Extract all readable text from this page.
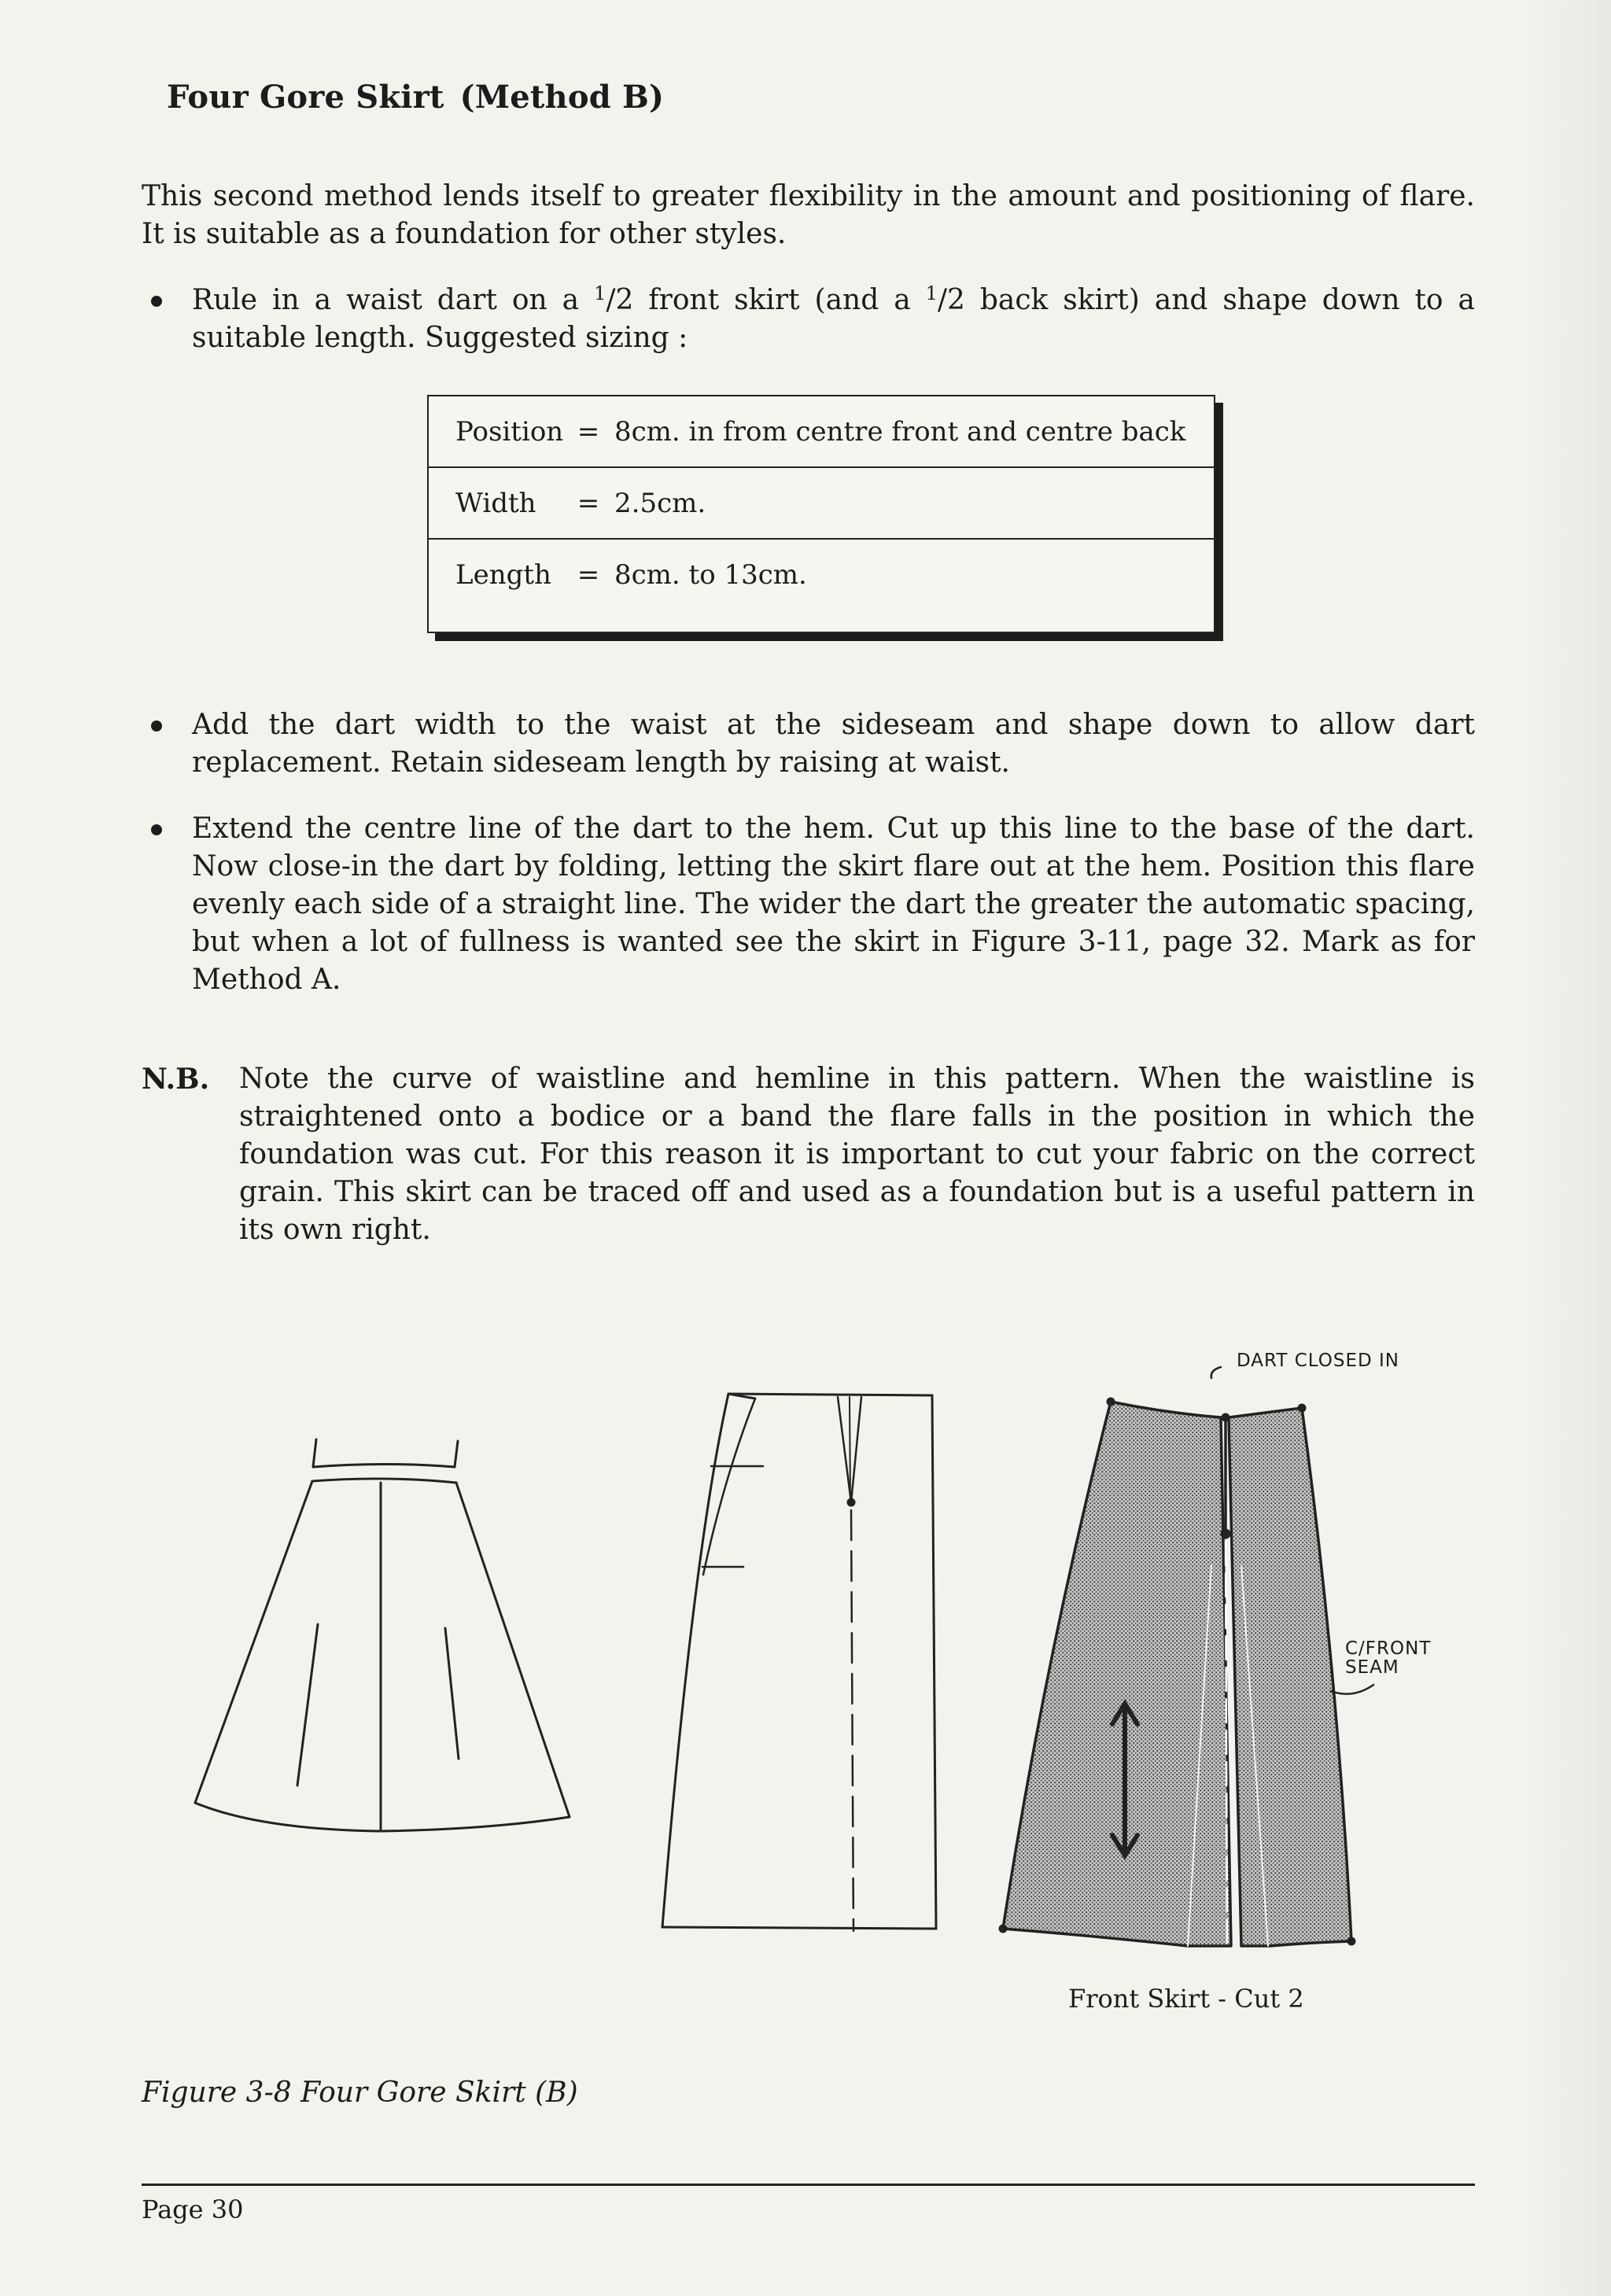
Four Gore Skirt (Method B)
This second method lends itself to greater flexibility in the amount and positioning of flare. It is suitable as a foundation for other styles.
Rule in a waist dart on a $^1$/2 front skirt (and a $^1$/2 back skirt) and shape down to a suitable length. Suggested sizing :
Position = 8cm. in from centre front and centre back
Width	= 2.5cm.
Length = 8cm. to 13cm.
Add the dart width to the waist at the sideseam and shape down to allow dart replacement. Retain sideseam length by raising at waist.
Extend the centre line of the dart to the hem. Cut up this line to the base of the dart. Now close-in the dart by folding, letting the skirt flare out at the hem. Position this flare evenly each side of a straight line. The wider the dart the greater the automatic spacing, but when a lot of fullness is wanted see the skirt in Figure 3-11, page 32. Mark as for Method A.
N.B. Note the curve of waistline and hemline in this pattern. When the waistline is straightened onto a bodice or a band the flare falls in the position in which the foundation was cut. For this reason it is important to cut your fabric on the correct grain. This skirt can be traced off and used as a foundation but is a useful pattern in its own right.
DART CLOSED IN
C/FRONT
SEAM
Front Skirt - Cut 2
Figure 3-8 Four Gore Skirt (B)
Page 30
